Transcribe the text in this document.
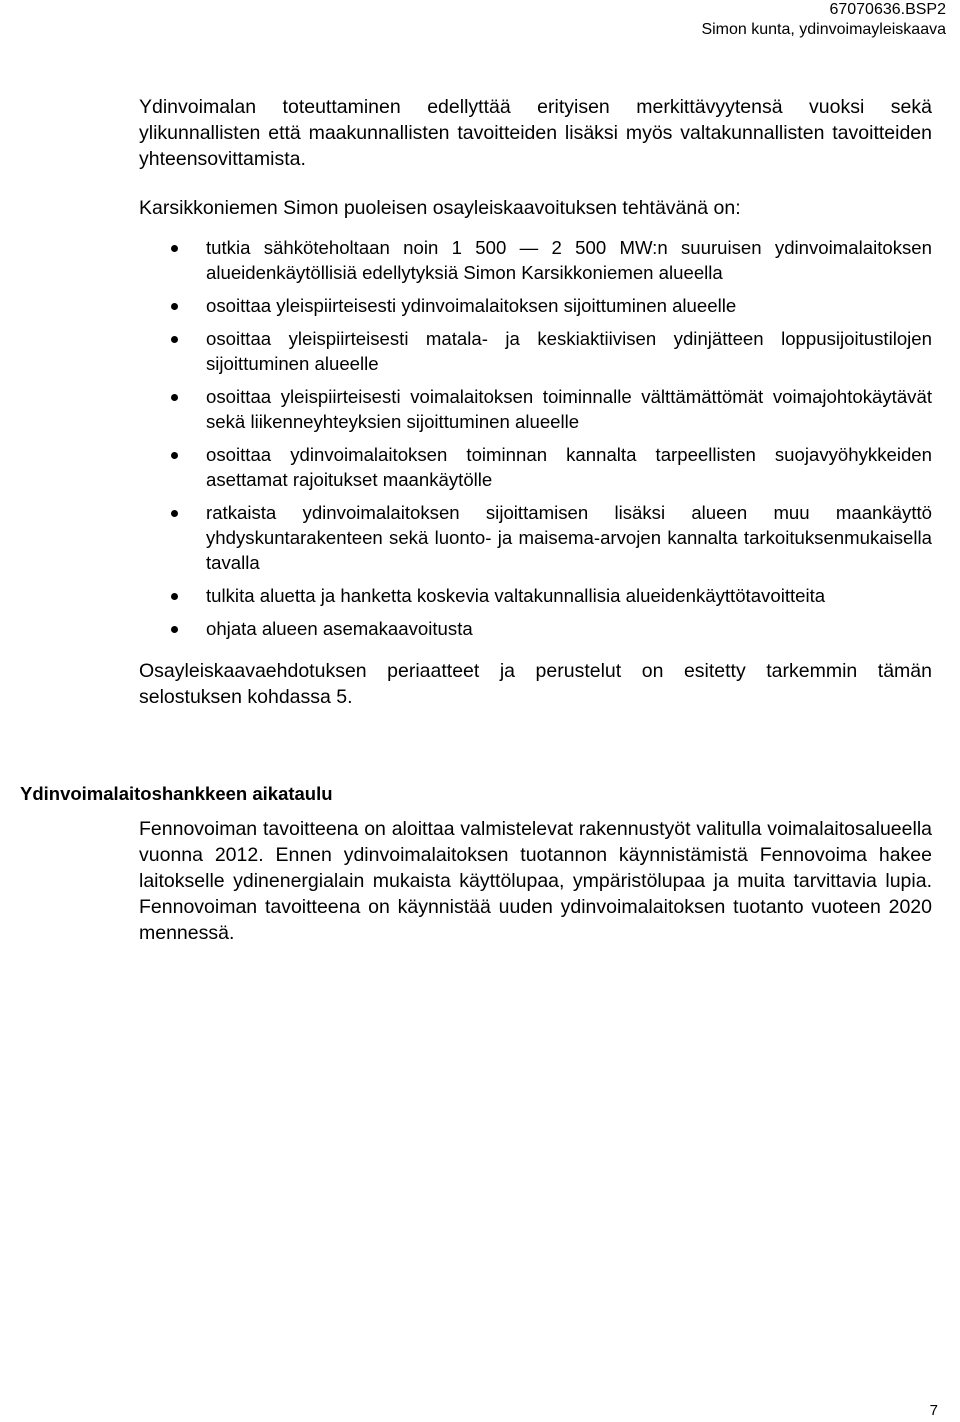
67070636.BSP2
Simon kunta, ydinvoimayleiskaava

Ydinvoimalan toteuttaminen edellyttää erityisen merkittävyytensä vuoksi sekä ylikunnallisten että maakunnallisten tavoitteiden lisäksi myös valtakunnallisten tavoitteiden yhteensovittamista.

Karsikkoniemen Simon puoleisen osayleiskaavoituksen tehtävänä on:

tutkia sähköteholtaan noin 1 500 — 2 500 MW:n suuruisen ydinvoimalaitoksen alueidenkäytöllisiä edellytyksiä Simon Karsikkoniemen alueella
osoittaa yleispiirteisesti ydinvoimalaitoksen sijoittuminen alueelle
osoittaa yleispiirteisesti matala- ja keskiaktiivisen ydinjätteen loppusijoitustilojen sijoittuminen alueelle
osoittaa yleispiirteisesti voimalaitoksen toiminnalle välttämättömät voimajohtokäytävät sekä liikenneyhteyksien sijoittuminen alueelle
osoittaa ydinvoimalaitoksen toiminnan kannalta tarpeellisten suojavyöhykkeiden asettamat rajoitukset maankäytölle
ratkaista ydinvoimalaitoksen sijoittamisen lisäksi alueen muu maankäyttö yhdyskuntarakenteen sekä luonto- ja maisema-arvojen kannalta tarkoituksenmukaisella tavalla
tulkita aluetta ja hanketta koskevia valtakunnallisia alueidenkäyttötavoitteita
ohjata alueen asemakaavoitusta

Osayleiskaavaehdotuksen periaatteet ja perustelut on esitetty tarkemmin tämän selostuksen kohdassa 5.

Ydinvoimalaitoshankkeen aikataulu

Fennovoiman tavoitteena on aloittaa valmistelevat rakennustyöt valitulla voimalaitosalueella vuonna 2012. Ennen ydinvoimalaitoksen tuotannon käynnistämistä Fennovoima hakee laitokselle ydinenergialain mukaista käyttölupaa, ympäristölupaa ja muita tarvittavia lupia. Fennovoiman tavoitteena on käynnistää uuden ydinvoimalaitoksen tuotanto vuoteen 2020 mennessä.

7
